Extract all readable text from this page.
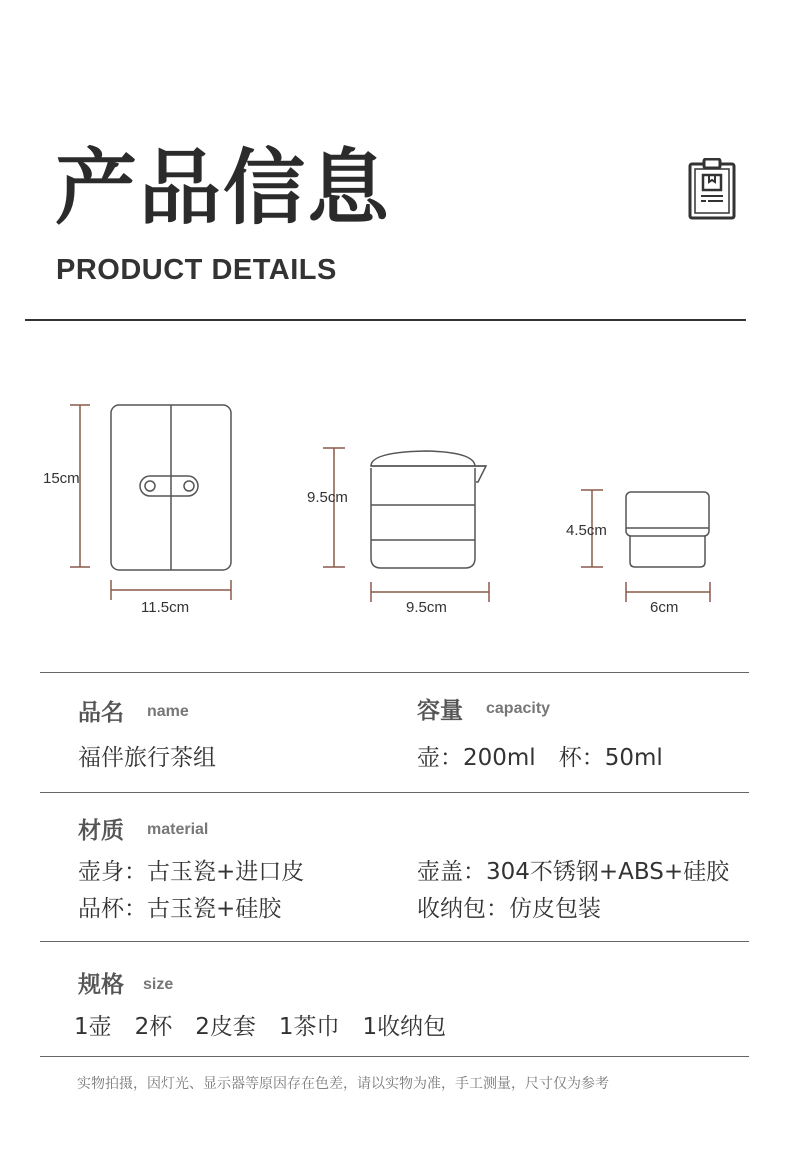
产品信息
PRODUCT DETAILS
15cm
11.5cm
9.5cm
9.5cm
4.5cm
6cm
品名 name
福伴旅行茶组
容量 capacity
壶：200ml　杯：50ml
材质 material
壶身：古玉瓷+进口皮	壶盖：304不锈钢+ABS+硅胶
品杯：古玉瓷+硅胶	收纳包：仿皮包装
规格 size
1壶　2杯　2皮套　1茶巾　1收纳包
实物拍摄，因灯光、显示器等原因存在色差，请以实物为准，手工测量，尺寸仅为参考
